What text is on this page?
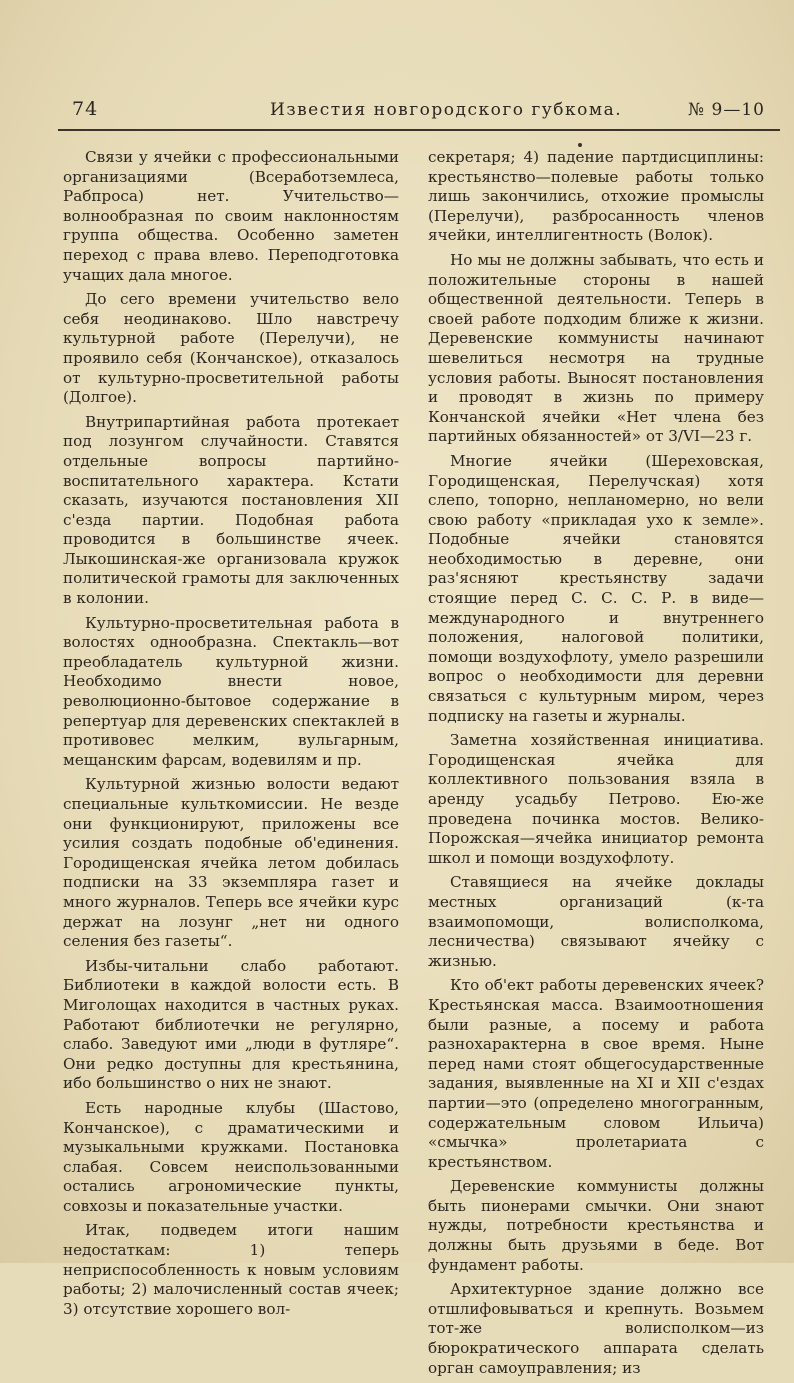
74	Известия новгородского губкома.	№ 9—10

Связи у ячейки с профессиональными организациями (Всеработземлеса, Рабпроса) нет. Учительство—волнообразная по своим наклонностям группа общества. Особенно заметен переход с права влево. Переподготовка учащих дала многое.

До сего времени учительство вело себя неодинаково. Шло навстречу культурной работе (Перелучи), не проявило себя (Кончанское), отказалось от культурно-просветительной работы (Долгое).

Внутрипартийная работа протекает под лозунгом случайности. Ставятся отдельные вопросы партийно-воспитательного характера. Кстати сказать, изучаются постановления XII с'езда партии. Подобная работа проводится в большинстве ячеек. Лыкошинская-же организовала кружок политической грамоты для заключенных в колонии.

Культурно-просветительная работа в волостях однообразна. Спектакль—вот преобладатель культурной жизни. Необходимо внести новое, революционно-бытовое содержание в репертуар для деревенских спектаклей в противовес мелким, вульгарным, мещанским фарсам, водевилям и пр.

Культурной жизнью волости ведают специальные культкомиссии. Не везде они функционируют, приложены все усилия создать подобные об'единения. Городищенская ячейка летом добилась подписки на 33 экземпляра газет и много журналов. Теперь все ячейки курс держат на лозунг „нет ни одного селения без газеты“.

Избы-читальни слабо работают. Библиотеки в каждой волости есть. В Миголощах находится в частных руках. Работают библиотечки не регулярно, слабо. Заведуют ими „люди в футляре“. Они редко доступны для крестьянина, ибо большинство о них не знают.

Есть народные клубы (Шастово, Кончанское), с драматическими и музыкальными кружками. Постановка слабая. Совсем неиспользованными остались агрономические пункты, совхозы и показательные участки.

Итак, подведем итоги нашим недостаткам: 1) теперь неприспособленность к новым условиям работы; 2) малочисленный состав ячеек; 3) отсутствие хорошего вол-

секретаря; 4) падение партдисциплины: крестьянство—полевые работы только лишь закончились, отхожие промыслы (Перелучи), разбросанность членов ячейки, интеллигентность (Волок).

Но мы не должны забывать, что есть и положительные стороны в нашей общественной деятельности. Теперь в своей работе подходим ближе к жизни. Деревенские коммунисты начинают шевелиться несмотря на трудные условия работы. Выносят постановления и проводят в жизнь по примеру Кончанской ячейки «Нет члена без партийных обязанностей» от 3/VI—23 г.

Многие ячейки (Шереховская, Городищенская, Перелучская) хотя слепо, топорно, непланомерно, но вели свою работу «прикладая ухо к земле». Подобные ячейки становятся необходимостью в деревне, они раз'ясняют крестьянству задачи стоящие перед С. С. С. Р. в виде—международного и внутреннего положения, налоговой политики, помощи воздухофлоту, умело разрешили вопрос о необходимости для деревни связаться с культурным миром, через подписку на газеты и журналы.

Заметна хозяйственная инициатива. Городищенская ячейка для коллективного пользования взяла в аренду усадьбу Петрово. Ею-же проведена починка мостов. Велико-Порожская—ячейка инициатор ремонта школ и помощи воздухофлоту.

Ставящиеся на ячейке доклады местных организаций (к-та взаимопомощи, волисполкома, лесничества) связывают ячейку с жизнью.

Кто об'ект работы деревенских ячеек? Крестьянская масса. Взаимоотношения были разные, а посему и работа разнохарактерна в свое время. Ныне перед нами стоят общегосударственные задания, выявленные на XI и XII с'ездах партии—это (определено многогранным, содержательным словом Ильича) «смычка» пролетариата с крестьянством.

Деревенские коммунисты должны быть пионерами смычки. Они знают нужды, потребности крестьянства и должны быть друзьями в беде. Вот фундамент работы.

Архитектурное здание должно все отшлифовываться и крепнуть. Возьмем тот-же волисполком—из бюрократического аппарата сделать орган самоуправления; из
